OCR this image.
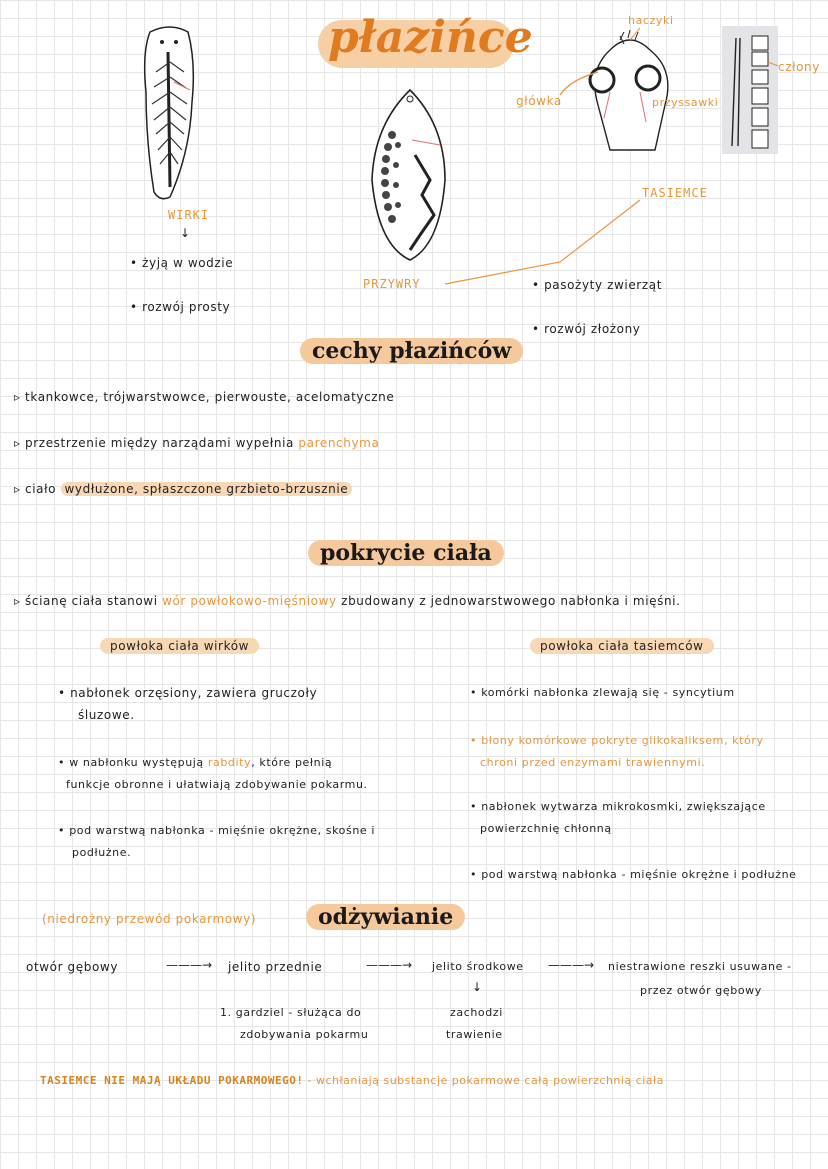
płazińce
WIRKI
↓
PRZYWRY
TASIEMCE
haczyki
główka	przyssawki
człony
• żyją w wodzie
• rozwój prosty
• pasożyty zwierząt
• rozwój złożony
cechy płazińców
▹ tkankowce, trójwarstwowce, pierwouste, acelomatyczne
▹ przestrzenie między narządami wypełnia parenchyma
▹ ciało wydłużone, spłaszczone grzbieto-brzusznie
pokrycie ciała
▹ ścianę ciała stanowi wór powłokowo-mięśniowy zbudowany z jednowarstwowego nabłonka i mięśni.
powłoka ciała wirków	powłoka ciała tasiemców
• nabłonek orzęsiony, zawiera gruczoły
śluzowe.
• w nabłonku występują rabdity, które pełnią
funkcje obronne i ułatwiają zdobywanie pokarmu.
• pod warstwą nabłonka - mięśnie okrężne, skośne i
podłużne.
• komórki nabłonka zlewają się - syncytium
• błony komórkowe pokryte glikokaliksem, który
chroni przed enzymami trawiennymi.
• nabłonek wytwarza mikrokosmki, zwiększające
powierzchnię chłonną
• pod warstwą nabłonka - mięśnie okrężne i podłużne
(niedrożny przewód pokarmowy)	odżywianie
otwór gębowy	———→ jelito przednie	———→ jelito środkowe ———→ niestrawione reszki usuwane -
przez otwór gębowy
1. gardziel - służąca do
zdobywania pokarmu
↓
zachodzi
trawienie
TASIEMCE NIE MAJĄ UKŁADU POKARMOWEGO! - wchłaniają substancje pokarmowe całą powierzchnią ciała
